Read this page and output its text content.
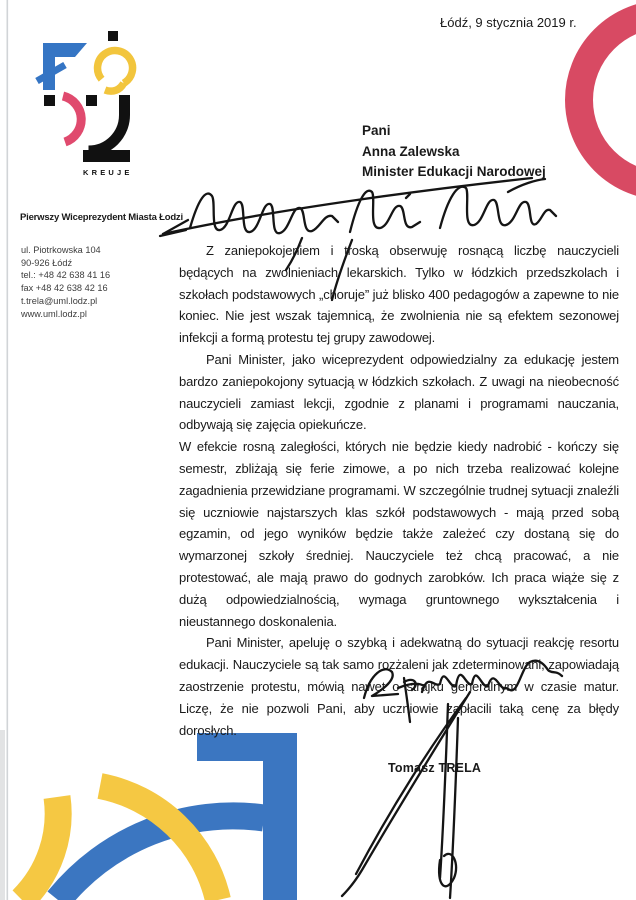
KREUJE
Łódź, 9 stycznia 2019 r.
Pani
Anna Zalewska
Minister Edukacji Narodowej
Pierwszy Wiceprezydent Miasta Łodzi
ul. Piotrkowska 104
90-926 Łódź
tel.: +48 42 638 41 16
fax +48 42 638 42 16
t.trela@uml.lodz.pl
www.uml.lodz.pl

Z zaniepokojeniem i troską obserwuję rosnącą liczbę nauczycieli będących na zwolnieniach lekarskich. Tylko w łódzkich przedszkolach i szkołach podstawowych „choruje” już blisko 400 pedagogów a zapewne to nie koniec. Nie jest wszak tajemnicą, że zwolnienia nie są efektem sezonowej infekcji a formą protestu tej grupy zawodowej.

Pani Minister, jako wiceprezydent odpowiedzialny za edukację jestem bardzo zaniepokojony sytuacją w łódzkich szkołach. Z uwagi na nieobecność nauczycieli zamiast lekcji, zgodnie z planami i programami nauczania, odbywają się zajęcia opiekuńcze.

W efekcie rosną zaległości, których nie będzie kiedy nadrobić - kończy się semestr, zbliżają się ferie zimowe, a po nich trzeba realizować kolejne zagadnienia przewidziane programami. W szczególnie trudnej sytuacji znaleźli się uczniowie najstarszych klas szkół podstawowych - mają przed sobą egzamin, od jego wyników będzie także zależeć czy dostaną się do wymarzonej szkoły średniej. Nauczyciele też chcą pracować, a nie protestować, ale mają prawo do godnych zarobków. Ich praca wiąże się z dużą odpowiedzialnością, wymaga gruntownego wykształcenia i nieustannego doskonalenia.

Pani Minister, apeluję o szybką i adekwatną do sytuacji reakcję resortu edukacji. Nauczyciele są tak samo rozżaleni jak zdeterminowani, zapowiadają zaostrzenie protestu, mówią nawet o strajku generalnym w czasie matur. Liczę, że nie pozwoli Pani, aby uczniowie zapłacili taką cenę za błędy dorosłych.

Tomasz TRELA
